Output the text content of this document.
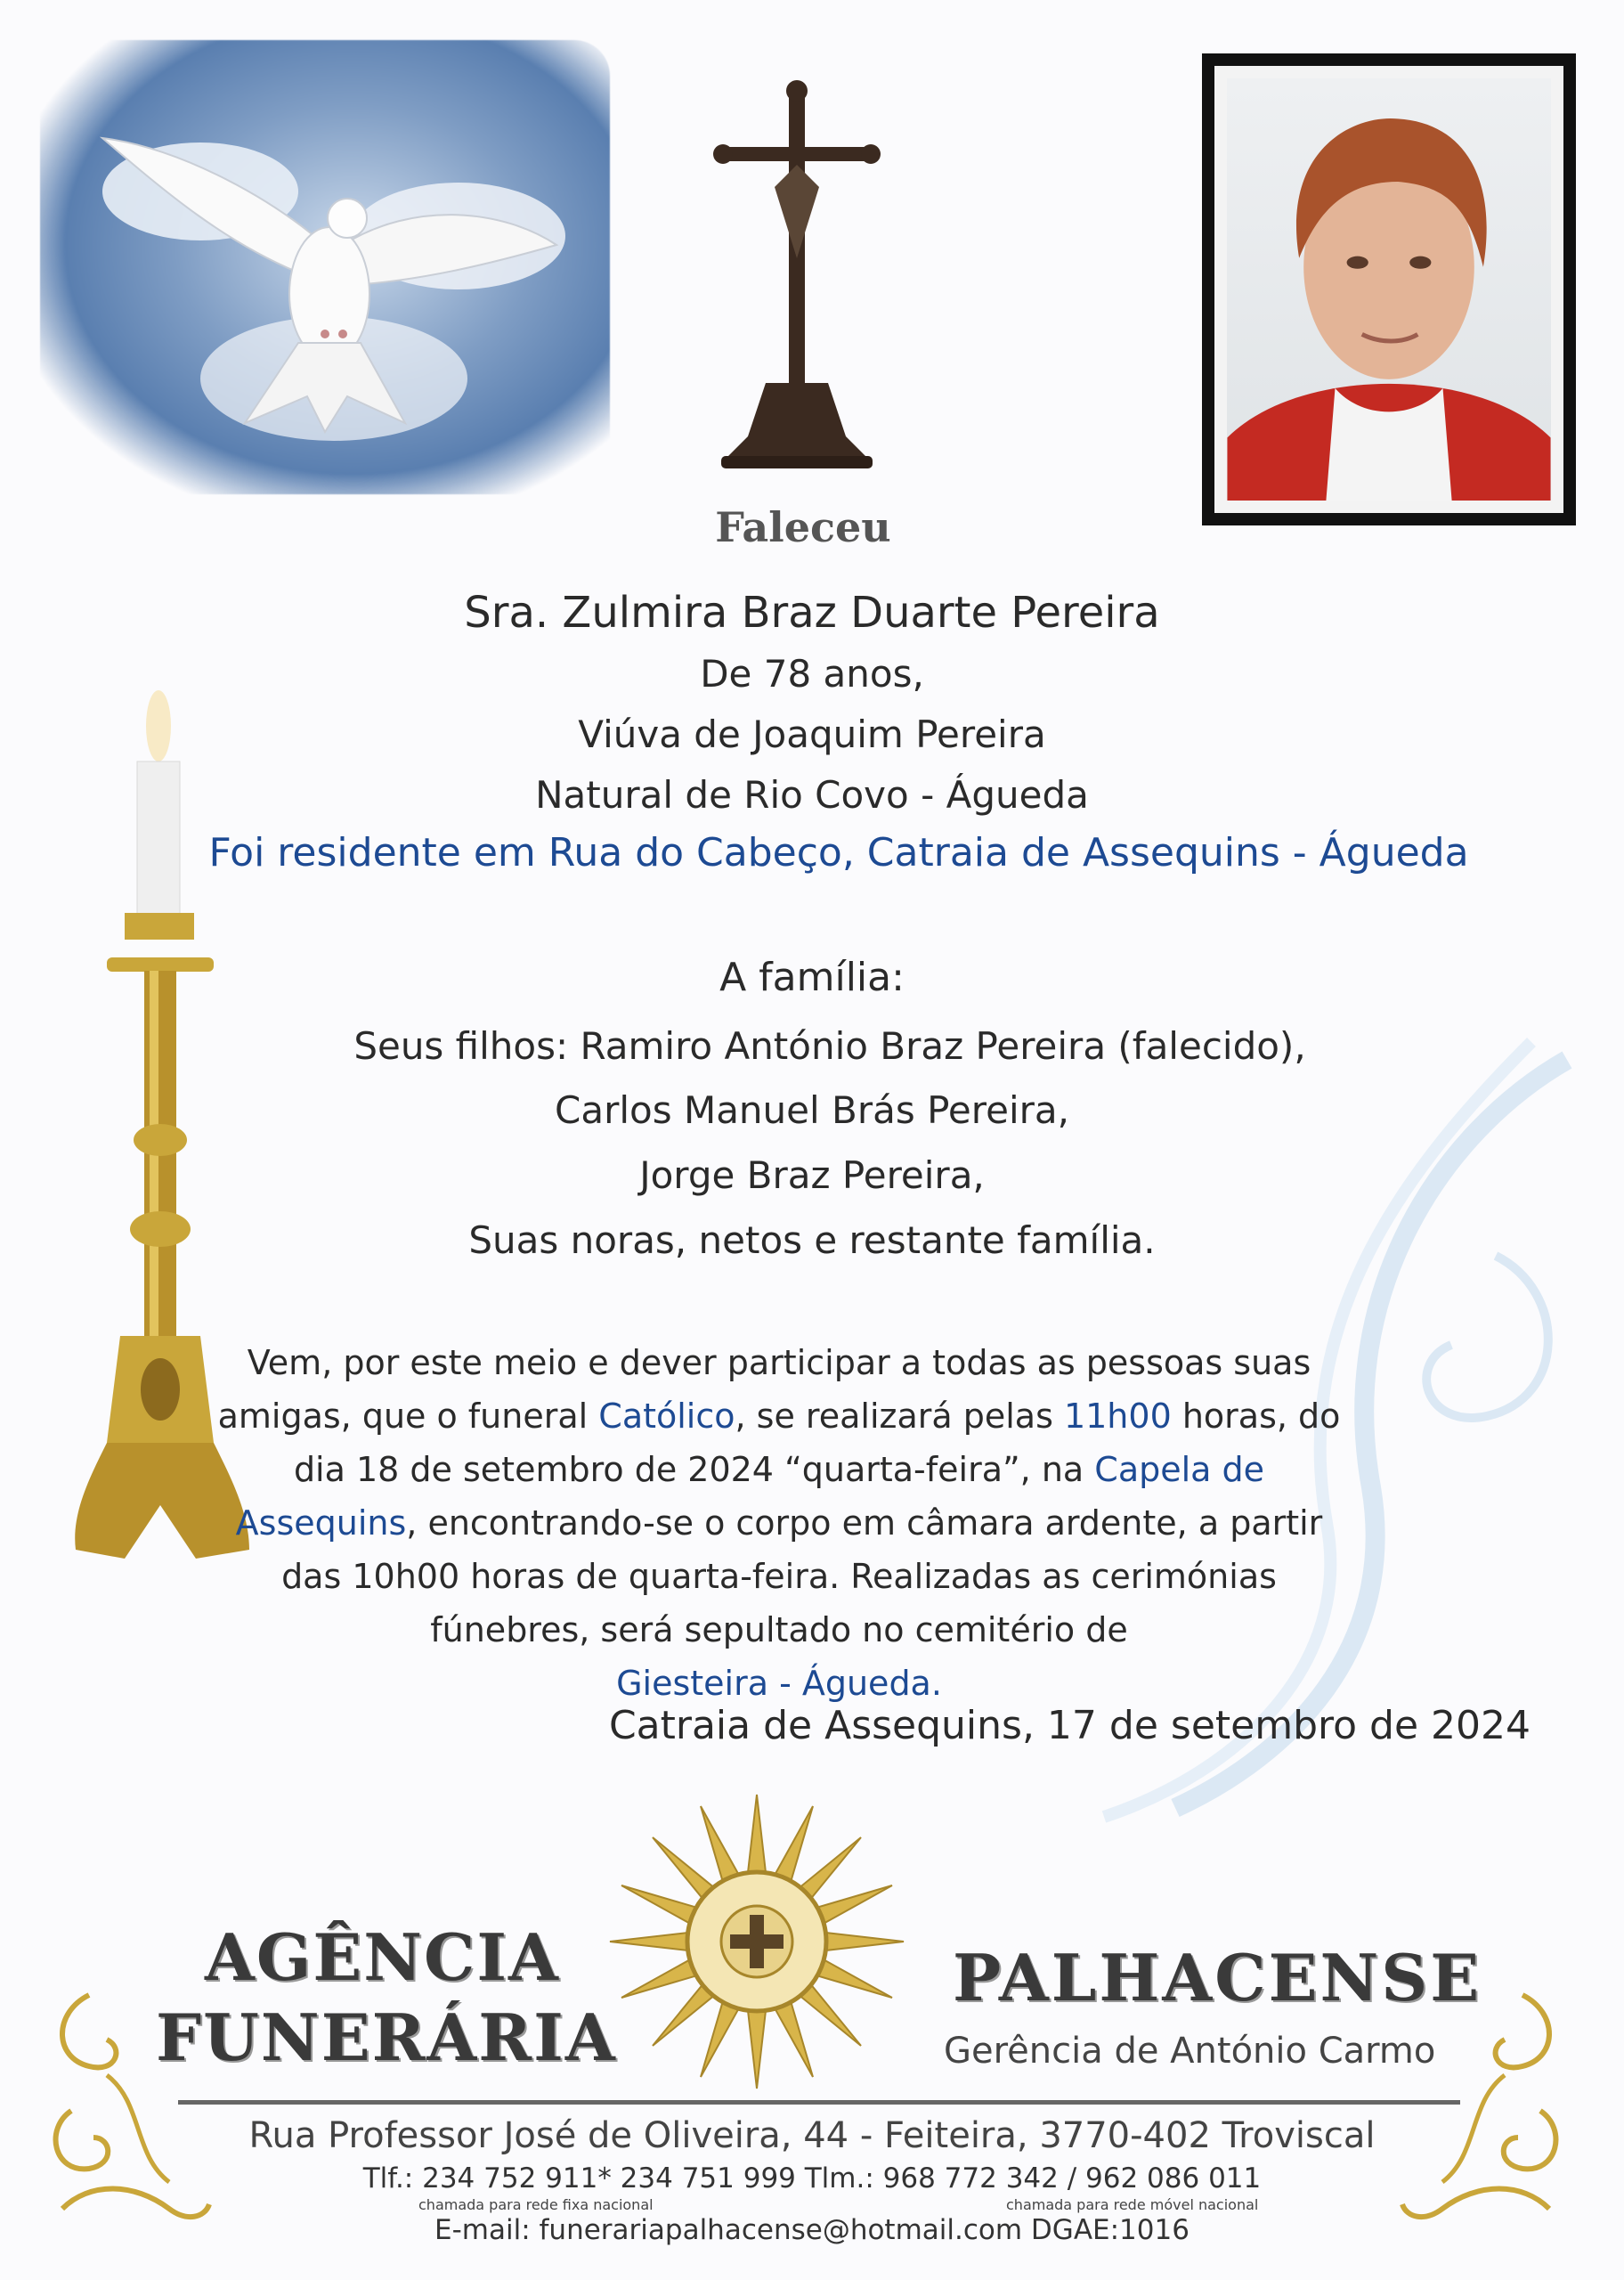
Faleceu
Sra. Zulmira Braz Duarte Pereira
De 78 anos,
Viúva de Joaquim Pereira
Natural de Rio Covo - Águeda
Foi residente em Rua do Cabeço, Catraia de Assequins - Águeda
A família:
Seus filhos: Ramiro António Braz Pereira (falecido),
Carlos Manuel Brás Pereira,
Jorge Braz Pereira,
Suas noras, netos e restante família.
Vem, por este meio e dever participar a todas as pessoas suas amigas, que o funeral Católico, se realizará pelas 11h00 horas, do dia 18 de setembro de 2024 “quarta-feira”, na Capela de Assequins, encontrando-se o corpo em câmara ardente, a partir das 10h00 horas de quarta-feira. Realizadas as cerimónias fúnebres, será sepultado no cemitério de
Giesteira - Águeda.
Catraia de Assequins, 17 de setembro de 2024
AGÊNCIA
FUNERÁRIA
PALHACENSE
Gerência de António Carmo
Rua Professor José de Oliveira, 44 - Feiteira, 3770-402 Troviscal
Tlf.: 234 752 911* 234 751 999 Tlm.: 968 772 342 / 962 086 011
chamada para rede fixa nacional	chamada para rede móvel nacional
E-mail: funerariapalhacense@hotmail.com DGAE:1016
